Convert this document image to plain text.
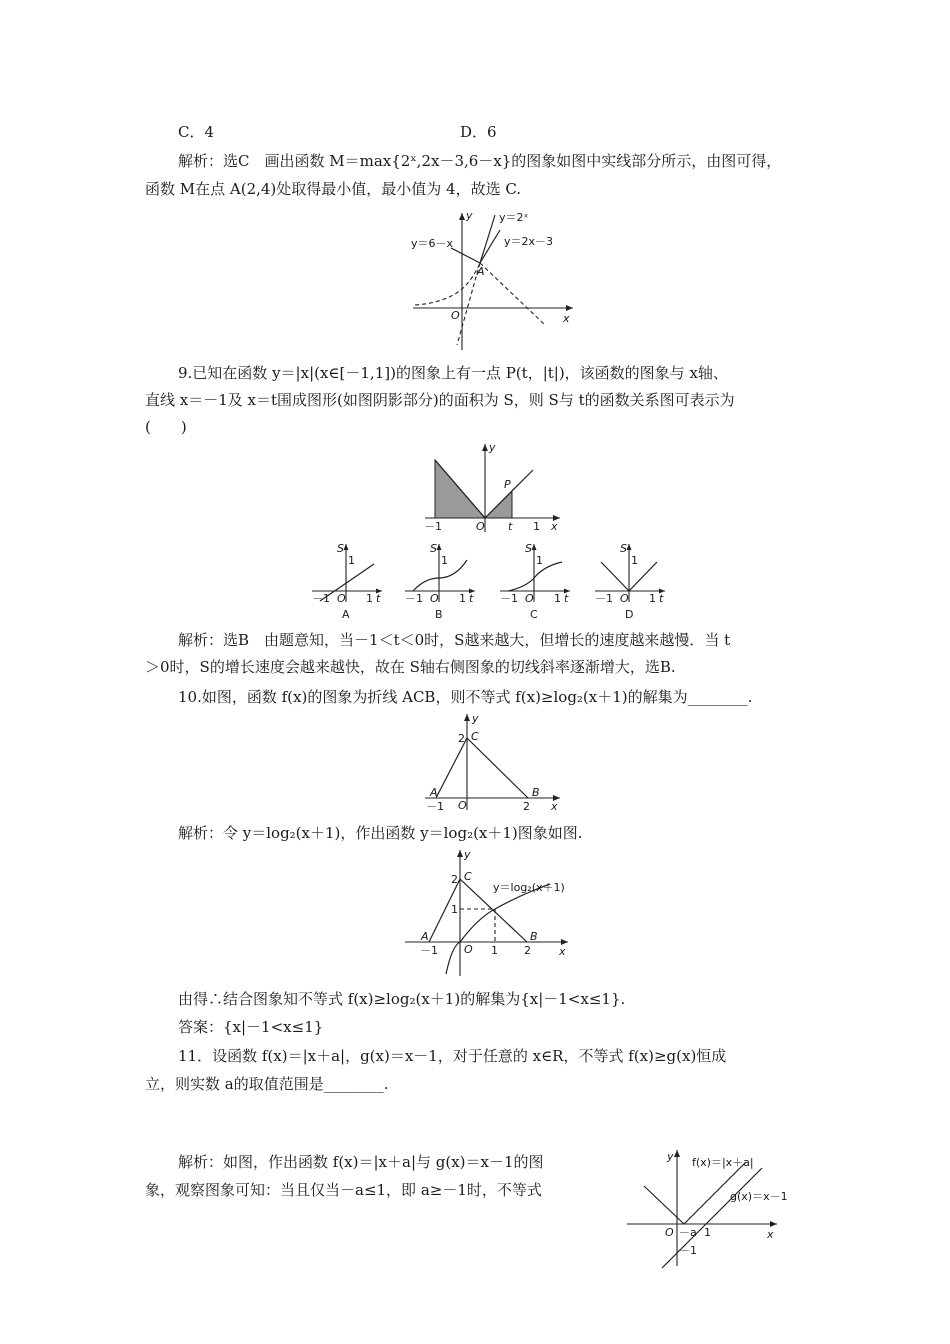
C．4	D．6
解析：选C　画出函数 M＝max{2ˣ,2x－3,6－x}的图象如图中实线部分所示，由图可得，
函数 M在点 A(2,4)处取得最小值，最小值为 4，故选 C.
y
x
O
y＝2ˣ
y＝6－x	y＝2x－3
A
9.已知在函数 y＝|x|(x∈[－1,1])的图象上有一点 P(t，|t|)，该函数的图象与 x轴、
直线 x＝－1及 x＝t围成图形(如图阴影部分)的面积为 S，则 S与 t的函数关系图可表示为
(　　)
y
x
O
－1	1
t
P
S
1
－1 O 1 t
A
S
1
－1 O 1 t
B
S
1
－1 O 1 t
C
S
1
－1 O 1 t
D
解析：选B　由题意知，当－1＜t＜0时，S越来越大，但增长的速度越来越慢．当 t
＞0时，S的增长速度会越来越快，故在 S轴右侧图象的切线斜率逐渐增大，选B.
10.如图，函数 f(x)的图象为折线 ACB，则不等式 f(x)≥log₂(x＋1)的解集为________.
y
x
O
2 C
A	B
－1	2
解析：令 y＝log₂(x＋1)，作出函数 y＝log₂(x＋1)图象如图.
y
x
O
2 C
1
A	B
－1	1 2
y＝log₂(x＋1)
由得∴结合图象知不等式 f(x)≥log₂(x＋1)的解集为{x|－1<x≤1}.
答案：{x|－1<x≤1}
11．设函数 f(x)＝|x＋a|，g(x)＝x－1，对于任意的 x∈R，不等式 f(x)≥g(x)恒成
立，则实数 a的取值范围是________.
解析：如图，作出函数 f(x)＝|x＋a|与 g(x)＝x－1的图
象，观察图象可知：当且仅当－a≤1，即 a≥－1时，不等式
y
x
O
f(x)＝|x＋a|
g(x)＝x－1
－a 1
－1
